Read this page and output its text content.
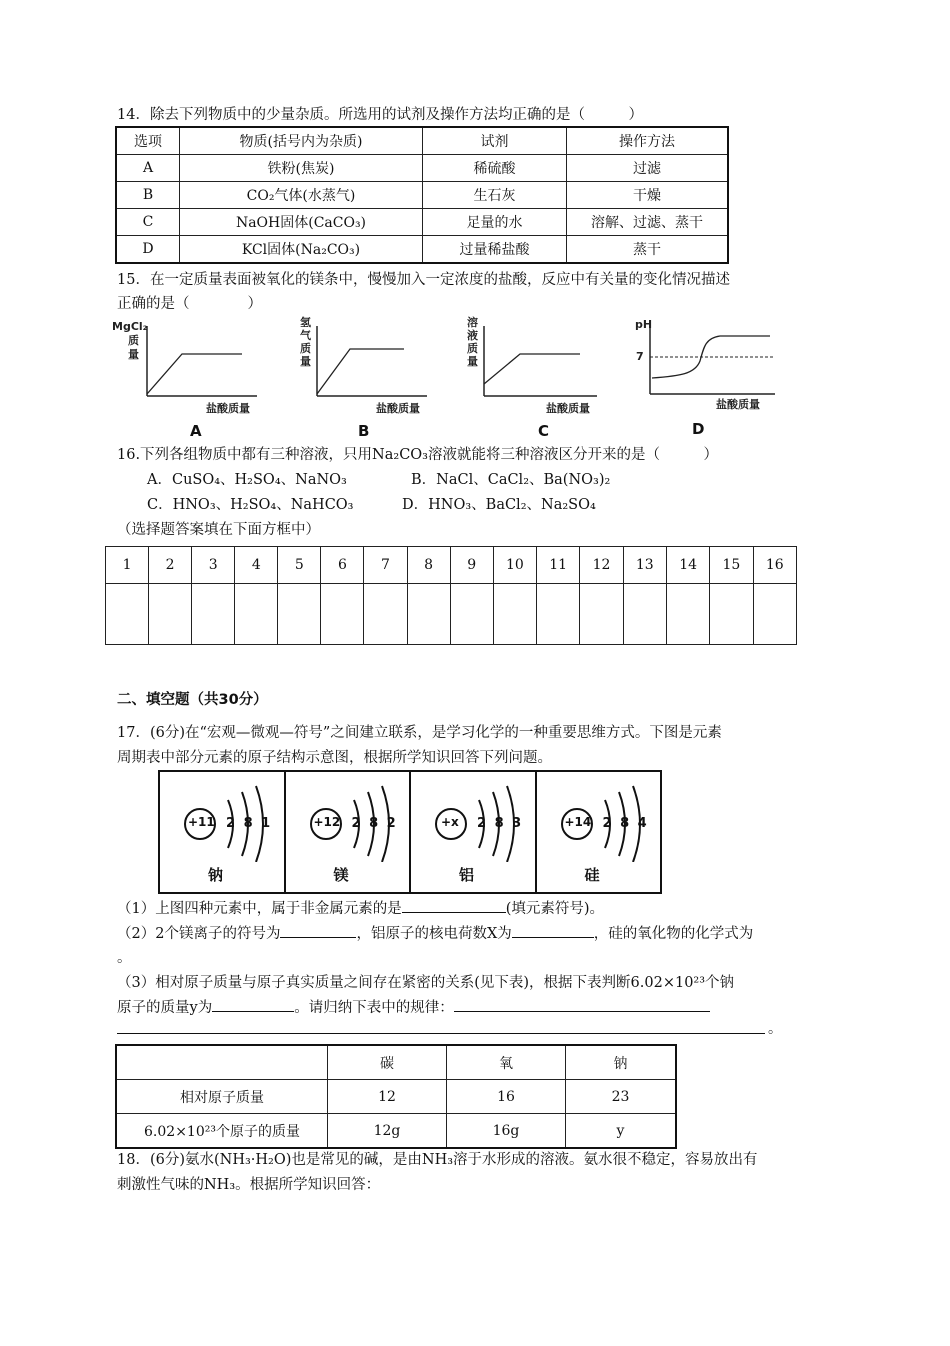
14．除去下列物质中的少量杂质。所选用的试剂及操作方法均正确的是（　　　）
选项	物质(括号内为杂质)	试剂	操作方法
A	铁粉(焦炭)	稀硫酸	过滤
B	CO₂气体(水蒸气)	生石灰	干燥
C	NaOH固体(CaCO₃)	足量的水	溶解、过滤、蒸干
D	KCl固体(Na₂CO₃)	过量稀盐酸	蒸干
15．在一定质量表面被氧化的镁条中，慢慢加入一定浓度的盐酸，反应中有关量的变化情况描述
正确的是（　　　　）
MgCl₂
质
量
盐酸质量
A
氢
气
质
量
盐酸质量
B
溶
液
质
量
盐酸质量
C
pH
7
盐酸质量
D
16.下列各组物质中都有三种溶液，只用Na₂CO₃溶液就能将三种溶液区分开来的是（　　　）
A．CuSO₄、H₂SO₄、NaNO₃	B．NaCl、CaCl₂、Ba(NO₃)₂
C．HNO₃、H₂SO₄、NaHCO₃	D．HNO₃、BaCl₂、Na₂SO₄
（选择题答案填在下面方框中）
1	2	3	4	5	6	7	8	9	10	11	12	13	14	15	16

二、填空题（共30分）
17．(6分)在“宏观—微观—符号”之间建立联系，是学习化学的一种重要思维方式。下图是元素
周期表中部分元素的原子结构示意图，根据所学知识回答下列问题。
+11 2 8 1
钠
+12 2 8 2
镁
+x 2 8 3
铝
+14 2 8 4
硅
（1）上图四种元素中，属于非金属元素的是	(填元素符号)。
（2）2个镁离子的符号为	，铝原子的核电荷数X为	，硅的氧化物的化学式为
。
（3）相对原子质量与原子真实质量之间存在紧密的关系(见下表)，根据下表判断6.02×10²³个钠
原子的质量y为	。请归纳下表中的规律：
。
	碳	氧	钠
相对原子质量	12	16	23
6.02×10²³个原子的质量	12g	16g	y
18．(6分)氨水(NH₃·H₂O)也是常见的碱，是由NH₃溶于水形成的溶液。氨水很不稳定，容易放出有
刺激性气味的NH₃。根据所学知识回答：
